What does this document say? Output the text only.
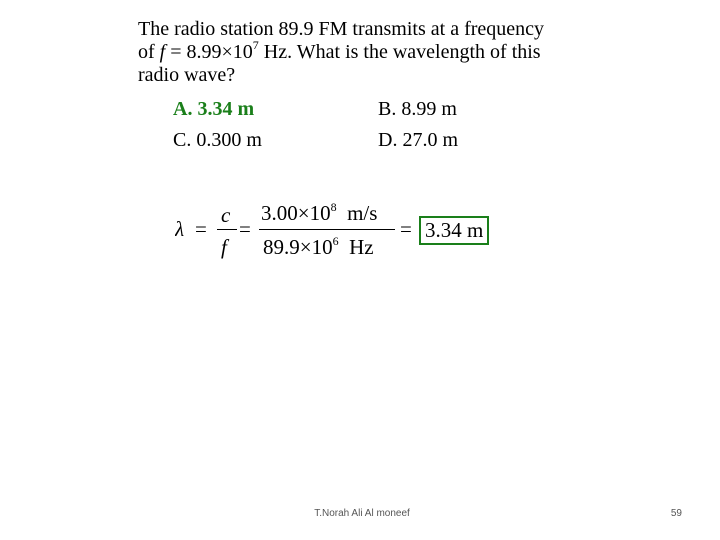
The radio station 89.9 FM transmits at a frequency
of $f = 8.99\times 10^7$ Hz. What is the wavelength of this
radio wave?
A. 3.34 m	B. 8.99 m
C. 0.300 m	D. 27.0 m
λ =
c
f
=
$3.00\times 10^8$  m/s
$89.9\times 10^6$  Hz
= 3.34 m
T.Norah Ali Al moneef	59
